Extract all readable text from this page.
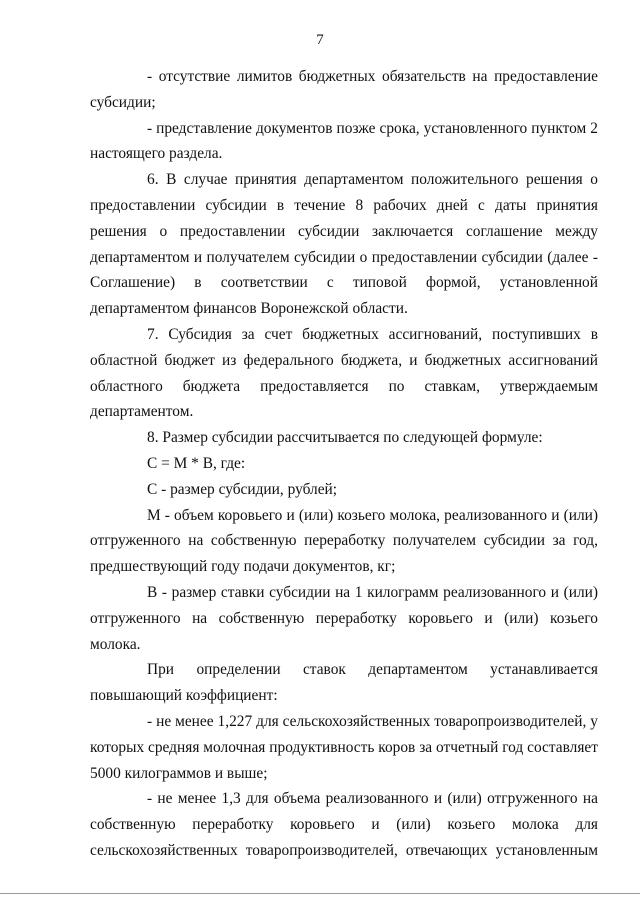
7

- отсутствие лимитов бюджетных обязательств на предоставление субсидии;

- представление документов позже срока, установленного пунктом 2 настоящего раздела.

6. В случае принятия департаментом положительного решения о предоставлении субсидии в течение 8 рабочих дней с даты принятия решения о предоставлении субсидии заключается соглашение между департаментом и получателем субсидии о предоставлении субсидии (далее - Соглашение) в соответствии с типовой формой, установленной департаментом финансов Воронежской области.

7. Субсидия за счет бюджетных ассигнований, поступивших в областной бюджет из федерального бюджета, и бюджетных ассигнований областного бюджета предоставляется по ставкам, утверждаемым департаментом.

8. Размер субсидии рассчитывается по следующей формуле:

С = М * В, где:

С - размер субсидии, рублей;

М - объем коровьего и (или) козьего молока, реализованного и (или) отгруженного на собственную переработку получателем субсидии за год, предшествующий году подачи документов, кг;

В - размер ставки субсидии на 1 килограмм реализованного и (или) отгруженного на собственную переработку коровьего и (или) козьего молока.

При определении ставок департаментом устанавливается повышающий коэффициент:

- не менее 1,227 для сельскохозяйственных товаропроизводителей, у которых средняя молочная продуктивность коров за отчетный год составляет 5000 килограммов и выше;

- не менее 1,3 для объема реализованного и (или) отгруженного на собственную переработку коровьего и (или) козьего молока для сельскохозяйственных товаропроизводителей, отвечающих установленным
